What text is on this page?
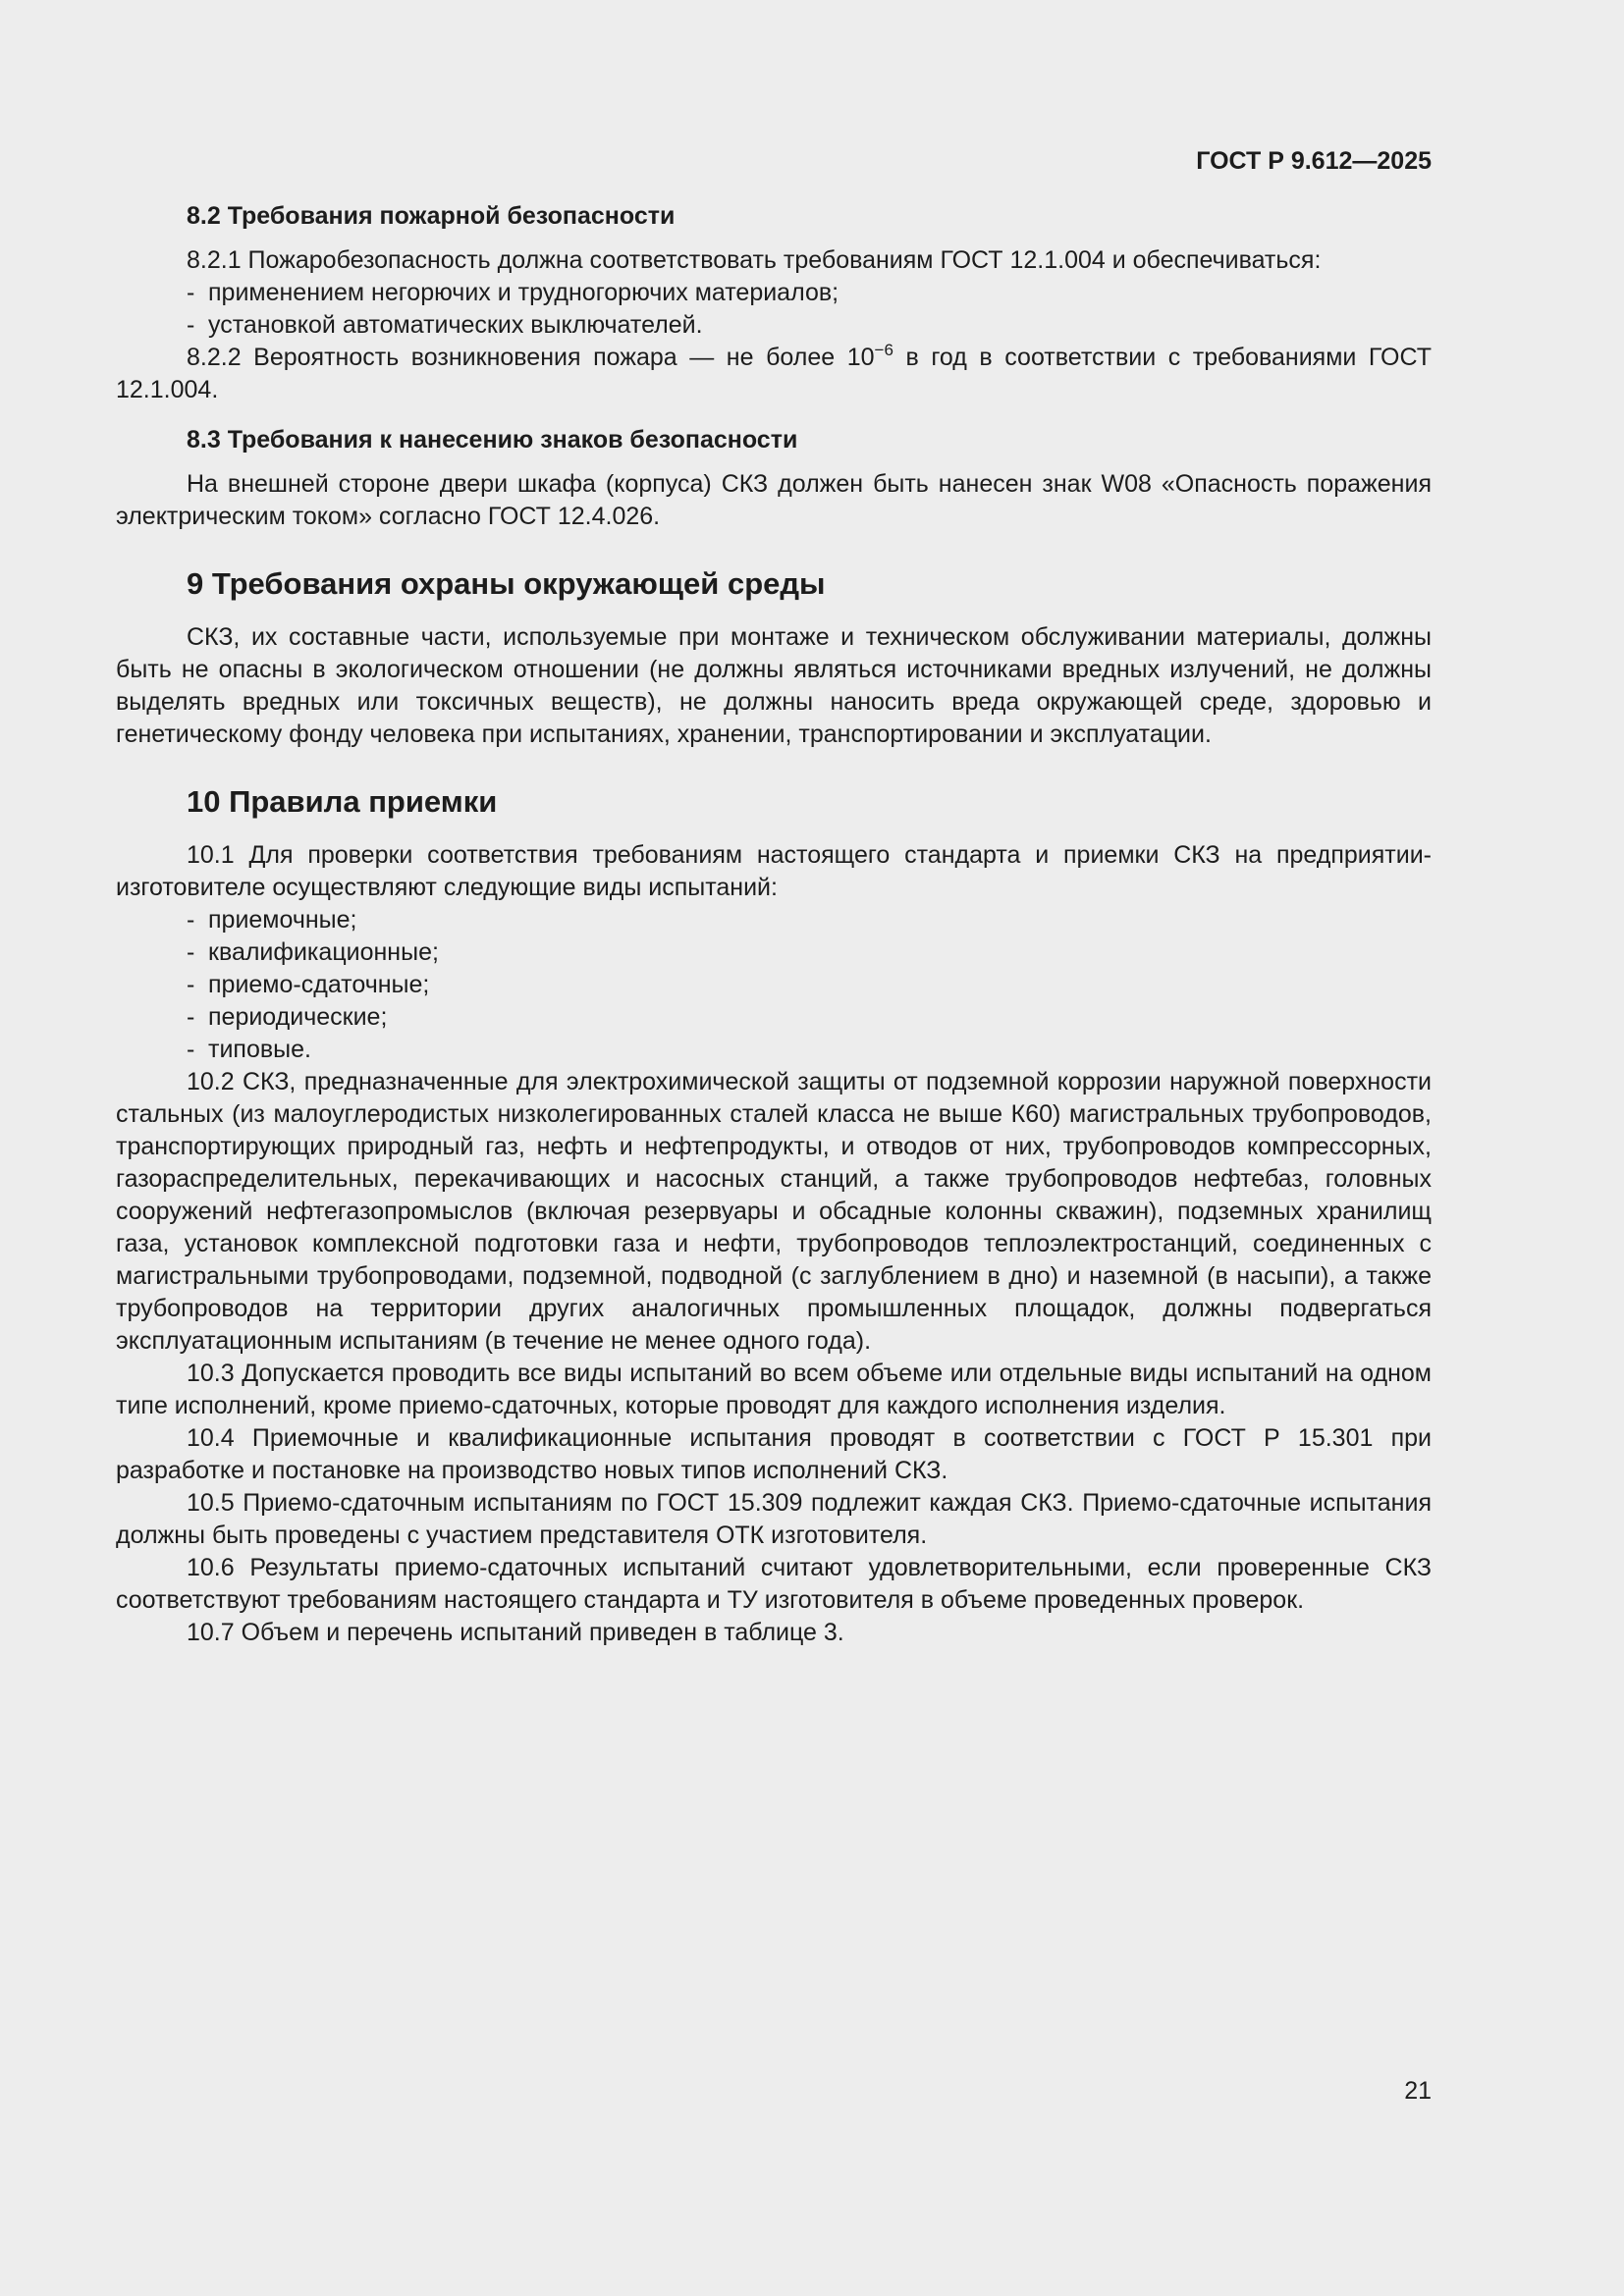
ГОСТ Р 9.612—2025
8.2 Требования пожарной безопасности

8.2.1 Пожаробезопасность должна соответствовать требованиям ГОСТ 12.1.004 и обеспечиваться:

- применением негорючих и трудногорючих материалов;

- установкой автоматических выключателей.

8.2.2 Вероятность возникновения пожара — не более $10^{-6}$ в год в соответствии с требованиями ГОСТ 12.1.004.

8.3 Требования к нанесению знаков безопасности

На внешней стороне двери шкафа (корпуса) СКЗ должен быть нанесен знак W08 «Опасность поражения электрическим током» согласно ГОСТ 12.4.026.

9 Требования охраны окружающей среды

СКЗ, их составные части, используемые при монтаже и техническом обслуживании материалы, должны быть не опасны в экологическом отношении (не должны являться источниками вредных излучений, не должны выделять вредных или токсичных веществ), не должны наносить вреда окружающей среде, здоровью и генетическому фонду человека при испытаниях, хранении, транспортировании и эксплуатации.

10 Правила приемки

10.1 Для проверки соответствия требованиям настоящего стандарта и приемки СКЗ на предприятии-изготовителе осуществляют следующие виды испытаний:

- приемочные;

- квалификационные;

- приемо-сдаточные;

- периодические;

- типовые.

10.2 СКЗ, предназначенные для электрохимической защиты от подземной коррозии наружной поверхности стальных (из малоуглеродистых низколегированных сталей класса не выше К60) магистральных трубопроводов, транспортирующих природный газ, нефть и нефтепродукты, и отводов от них, трубопроводов компрессорных, газораспределительных, перекачивающих и насосных станций, а также трубопроводов нефтебаз, головных сооружений нефтегазопромыслов (включая резервуары и обсадные колонны скважин), подземных хранилищ газа, установок комплексной подготовки газа и нефти, трубопроводов теплоэлектростанций, соединенных с магистральными трубопроводами, подземной, подводной (с заглублением в дно) и наземной (в насыпи), а также трубопроводов на территории других аналогичных промышленных площадок, должны подвергаться эксплуатационным испытаниям (в течение не менее одного года).

10.3 Допускается проводить все виды испытаний во всем объеме или отдельные виды испытаний на одном типе исполнений, кроме приемо-сдаточных, которые проводят для каждого исполнения изделия.

10.4 Приемочные и квалификационные испытания проводят в соответствии с ГОСТ Р 15.301 при разработке и постановке на производство новых типов исполнений СКЗ.

10.5 Приемо-сдаточным испытаниям по ГОСТ 15.309 подлежит каждая СКЗ. Приемо-сдаточные испытания должны быть проведены с участием представителя ОТК изготовителя.

10.6 Результаты приемо-сдаточных испытаний считают удовлетворительными, если проверенные СКЗ соответствуют требованиям настоящего стандарта и ТУ изготовителя в объеме проведенных проверок.

10.7 Объем и перечень испытаний приведен в таблице 3.

21
